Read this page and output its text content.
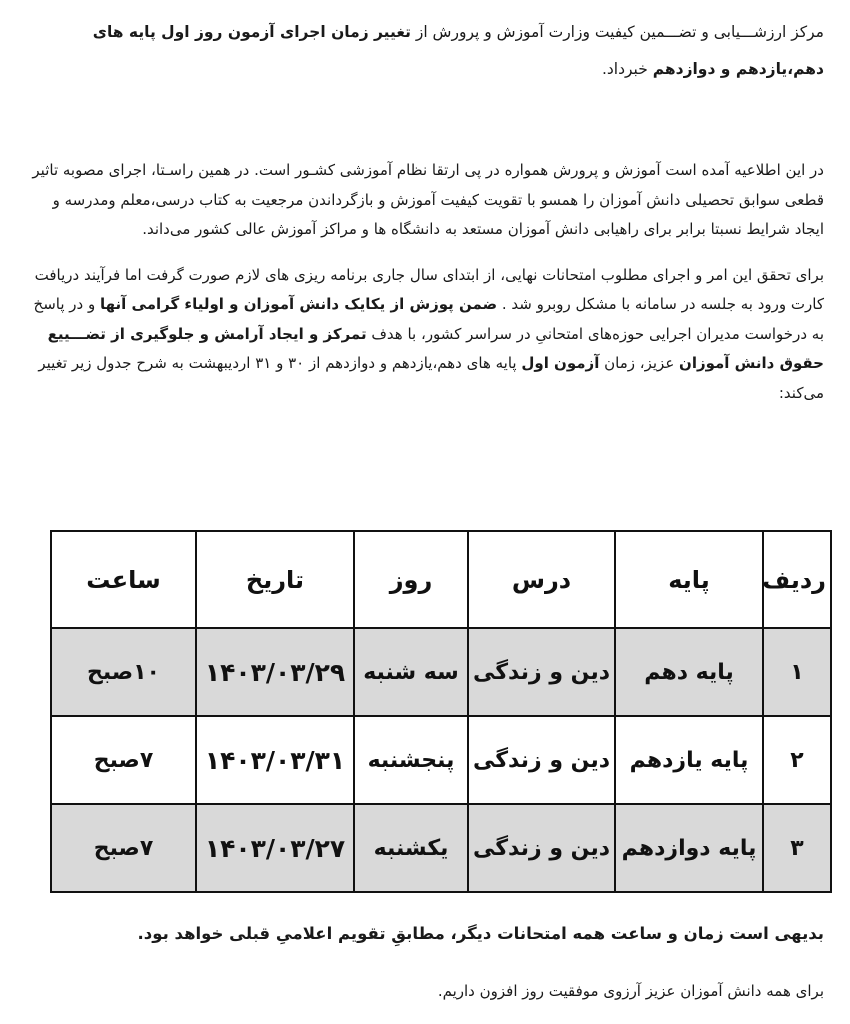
مرکز ارزشـــیابی و تضـــمین کیفیت وزارت آموزش و پرورش از تغییر زمان اجرای آزمون روز اول پایه های دهم،یازدهم و دوازدهم خبرداد.

در این اطلاعیه آمده است آموزش و پرورش همواره در پی ارتقا نظام آموزشی کشـور است. در همین راسـتا، اجرای مصوبه تاثیر قطعی سوابق تحصیلی دانش آموزان را همسو با تقویت کیفیت آموزش و بازگرداندن مرجعیت به کتاب درسی،معلم ومدرسه و ایجاد شرایط نسبتا برابر برای راهیابی دانش آموزان مستعد به دانشگاه ها و مراکز آموزش عالی کشور می‌داند.

برای تحقق این امر و اجرای مطلوب امتحانات نهایی، از ابتدای سال جاری برنامه ریزی های لازم صورت گرفت اما فرآیند دریافت کارت ورود به جلسه در سامانه با مشکل روبرو شد . ضمن پوزش از یکایک دانش آموزان و اولیاء گرامی آنها و در پاسخ به درخواست مدیران اجرایی حوزه‌های امتحانیِ در سراسر کشور، با هدف تمرکز و ایجاد آرامش و جلوگیری از تضـــییع حقوق دانش آموزان عزیز، زمان آزمون اول پایه های دهم،یازدهم و دوازدهم از ۳۰ و ۳۱ اردیبهشت به شرح جدول زیر تغییر می‌کند:

ردیف	پایه	درس	روز	تاریخ	ساعت
۱	پایه دهم	دین و زندگی	سه شنبه	۱۴۰۳/۰۳/۲۹	۱۰صبح
۲	پایه یازدهم	دین و زندگی	پنجشنبه	۱۴۰۳/۰۳/۳۱	۷صبح
۳	پایه دوازدهم	دین و زندگی	یکشنبه	۱۴۰۳/۰۳/۲۷	۷صبح

بدیهی است زمان و ساعت همه امتحانات دیگر، مطابقِ تقویم اعلامیِ قبلی خواهد بود.

برای همه دانش آموزان عزیز آرزوی موفقیت روز افزون داریم.
